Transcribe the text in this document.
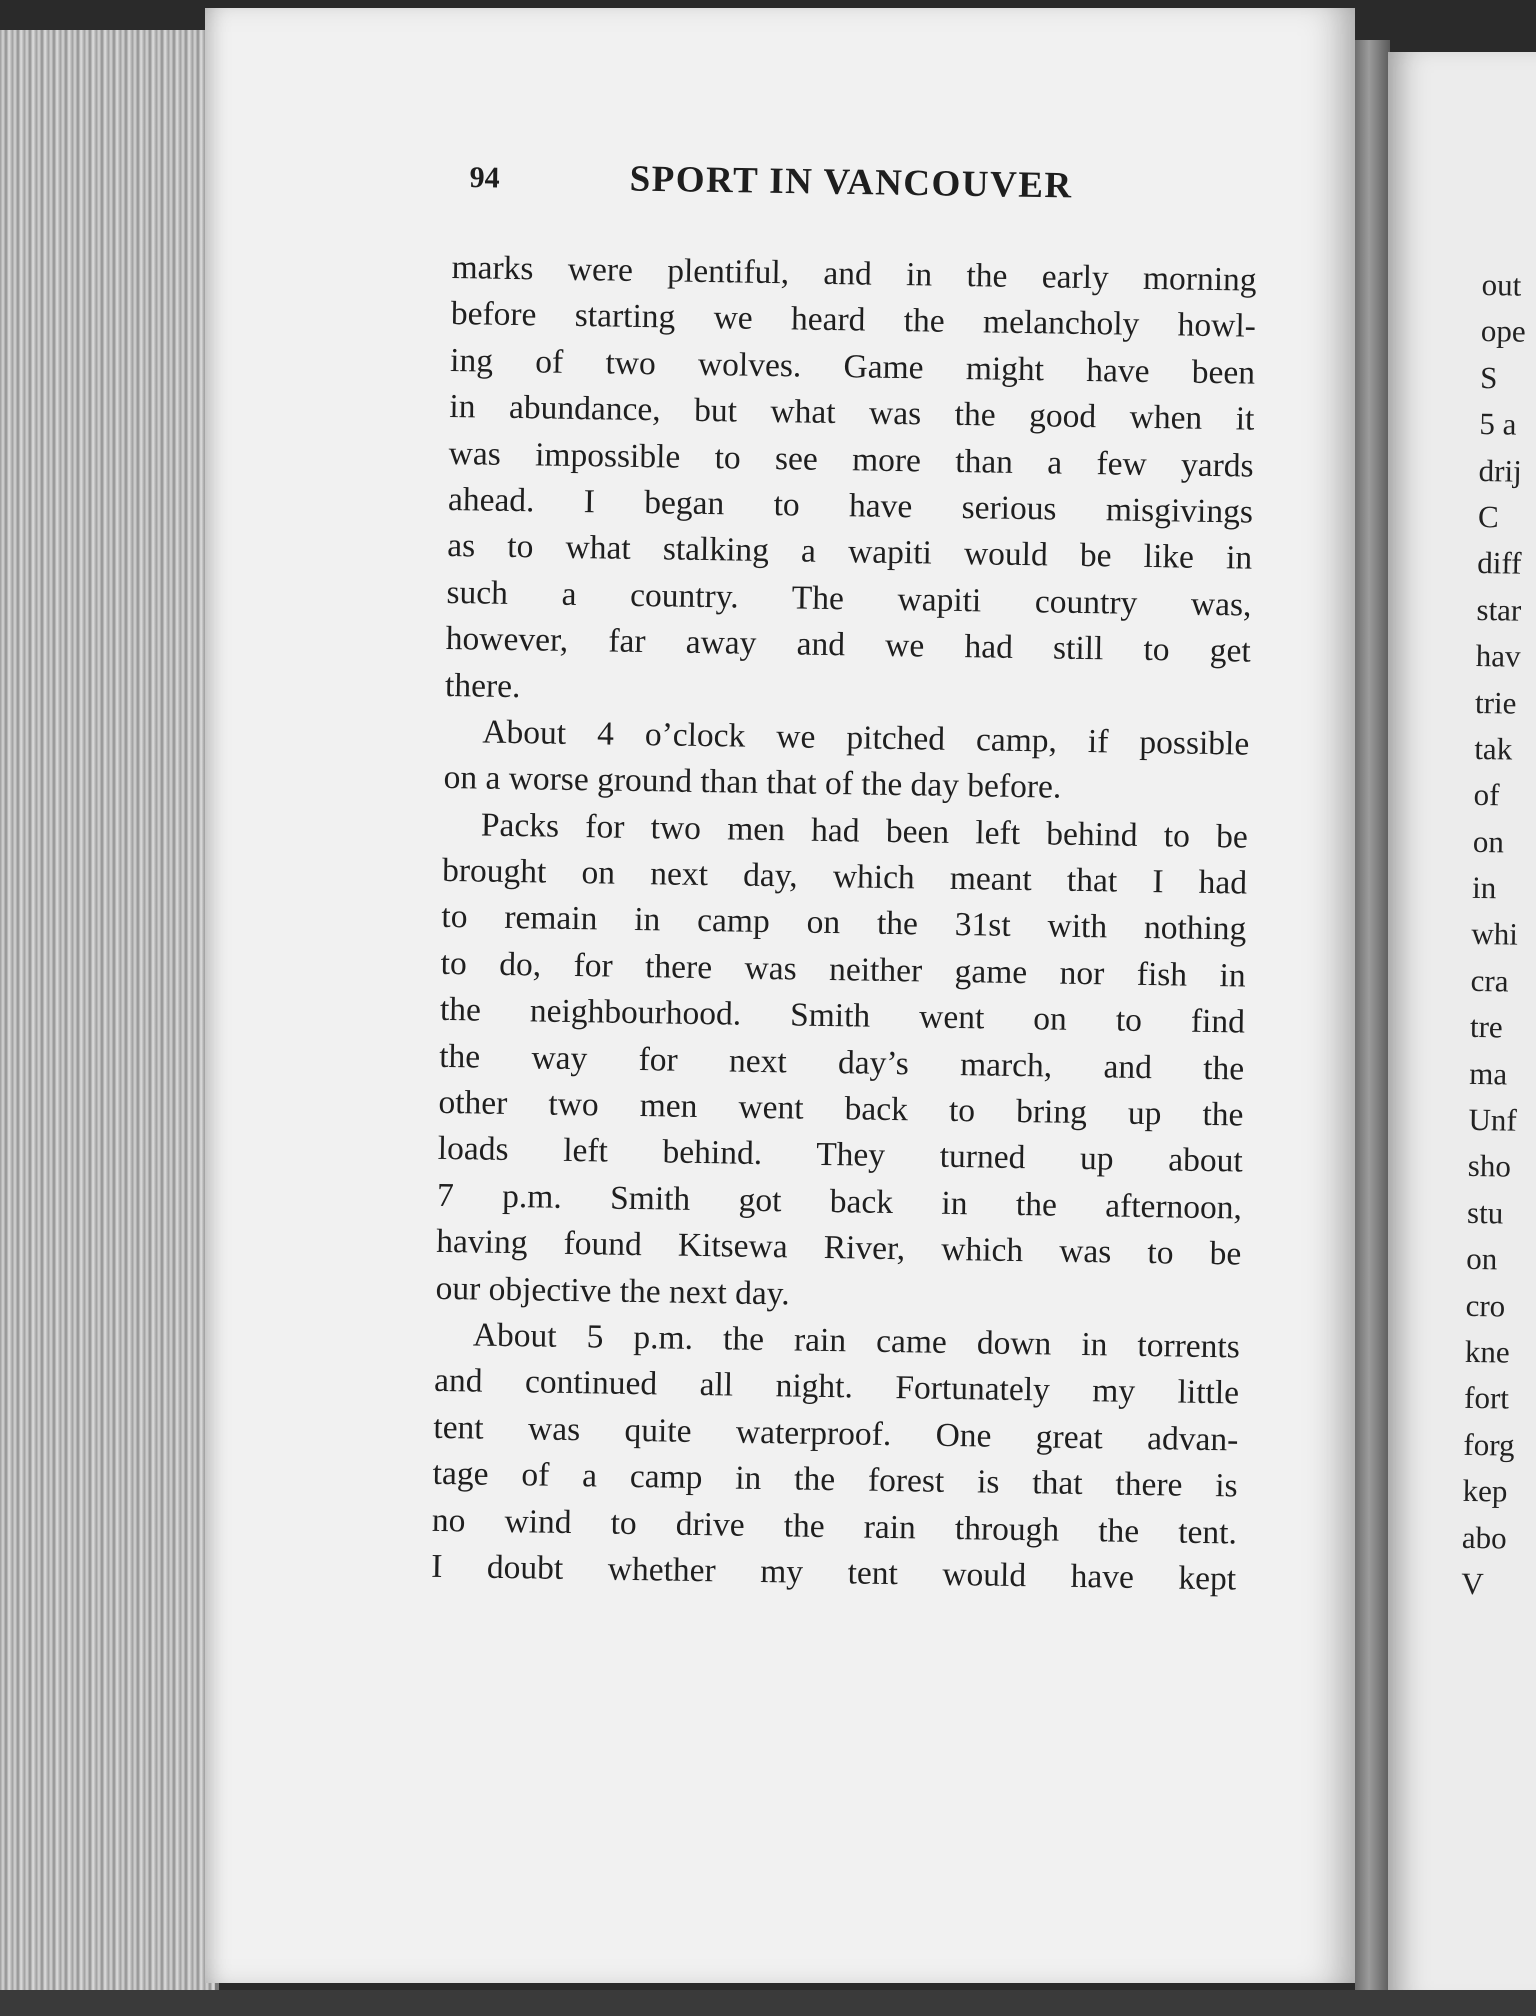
94	SPORT IN VANCOUVER
marks were plentiful, and in the early morning
before starting we heard the melancholy howl-
ing of two wolves. Game might have been
in abundance, but what was the good when it
was impossible to see more than a few yards
ahead. I began to have serious misgivings
as to what stalking a wapiti would be like in
such a country. The wapiti country was,
however, far away and we had still to get
there.
About 4 o’clock we pitched camp, if possible
on a worse ground than that of the day before.
Packs for two men had been left behind to be
brought on next day, which meant that I had
to remain in camp on the 31st with nothing
to do, for there was neither game nor fish in
the neighbourhood. Smith went on to find
the way for next day’s march, and the
other two men went back to bring up the
loads left behind. They turned up about
7 p.m. Smith got back in the afternoon,
having found Kitsewa River, which was to be
our objective the next day.
About 5 p.m. the rain came down in torrents
and continued all night. Fortunately my little
tent was quite waterproof. One great advan-
tage of a camp in the forest is that there is
no wind to drive the rain through the tent.
I doubt whether my tent would have kept
out
ope
S
5 a
drij
C
diff
star
hav
trie
tak
of
on
in
whi
cra
tre
ma
Unf
sho
stu
on
cro
kne
fort
forg
kep
abo
V
